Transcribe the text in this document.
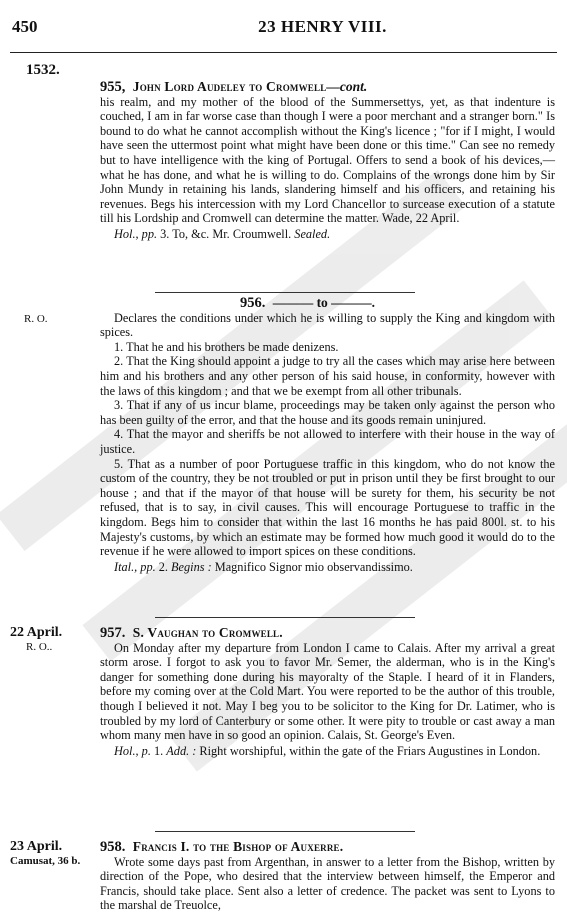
450	23 HENRY VIII.
1532.
955, John Lord Audeley to Cromwell—cont.
his realm, and my mother of the blood of the Summersettys, yet, as that indenture is couched, I am in far worse case than though I were a poor merchant and a stranger born." Is bound to do what he cannot accomplish without the King's licence ; "for if I might, I would have seen the uttermost point what might have been done or this time." Can see no remedy but to have intelligence with the king of Portugal. Offers to send a book of his devices,—what he has done, and what he is willing to do. Complains of the wrongs done him by Sir John Mundy in retaining his lands, slandering himself and his officers, and retaining his revenues. Begs his intercession with my Lord Chancellor to surcease execution of a statute till his Lordship and Cromwell can determine the matter. Wade, 22 April.
Hol., pp. 3. To, &c. Mr. Croumwell. Sealed.
R. O.
956. ——— to ———.
Declares the conditions under which he is willing to supply the King and kingdom with spices.
1. That he and his brothers be made denizens.
2. That the King should appoint a judge to try all the cases which may arise here between him and his brothers and any other person of his said house, in conformity, however with the laws of this kingdom ; and that we be exempt from all other tribunals.
3. That if any of us incur blame, proceedings may be taken only against the person who has been guilty of the error, and that the house and its goods remain uninjured.
4. That the mayor and sheriffs be not allowed to interfere with their house in the way of justice.
5. That as a number of poor Portuguese traffic in this kingdom, who do not know the custom of the country, they be not troubled or put in prison until they be first brought to our house ; and that if the mayor of that house will be surety for them, his security be not refused, that is to say, in civil causes. This will encourage Portuguese to traffic in the kingdom. Begs him to consider that within the last 16 months he has paid 800l. st. to his Majesty's customs, by which an estimate may be formed how much good it would do to the revenue if he were allowed to import spices on these conditions.
Ital., pp. 2. Begins : Magnifico Signor mio observandissimo.
22 April.
R. O..
957. S. Vaughan to Cromwell.
On Monday after my departure from London I came to Calais. After my arrival a great storm arose. I forgot to ask you to favor Mr. Semer, the alderman, who is in the King's danger for something done during his mayoralty of the Staple. I heard of it in Flanders, before my coming over at the Cold Mart. You were reported to be the author of this trouble, though I believed it not. May I beg you to be solicitor to the King for Dr. Latimer, who is troubled by my lord of Canterbury or some other. It were pity to trouble or cast away a man whom many men have in so good an opinion. Calais, St. George's Even.
Hol., p. 1. Add. : Right worshipful, within the gate of the Friars Augustines in London.
23 April.
Camusat, 36 b.
958. Francis I. to the Bishop of Auxerre.
Wrote some days past from Argenthan, in answer to a letter from the Bishop, written by direction of the Pope, who desired that the interview between himself, the Emperor and Francis, should take place. Sent also a letter of credence. The packet was sent to Lyons to the marshal de Treuolce,
